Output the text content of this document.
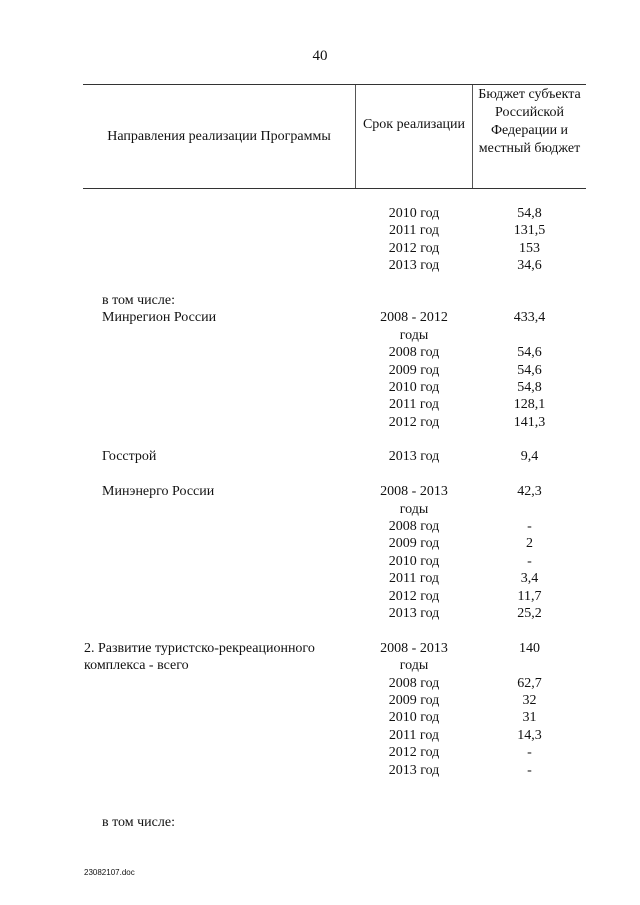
40
Направления реализации Программы
Срок реализации
Бюджет субъекта Российской Федерации и местный бюджет
2010 год	54,8
2011 год	131,5
2012 год	153
2013 год	34,6
в том числе:
Минрегион России	2008 - 2012	433,4
годы
2008 год	54,6
2009 год	54,6
2010 год	54,8
2011 год	128,1
2012 год	141,3
Госстрой	2013 год	9,4
Минэнерго России	2008 - 2013	42,3
годы
2008 год	-
2009 год	2
2010 год	-
2011 год	3,4
2012 год	11,7
2013 год	25,2
2. Развитие туристско-рекреационного	2008 - 2013	140
комплекса - всего	годы
2008 год	62,7
2009 год	32
2010 год	31
2011 год	14,3
2012 год	-
2013 год	-
в том числе:
23082107.doc
